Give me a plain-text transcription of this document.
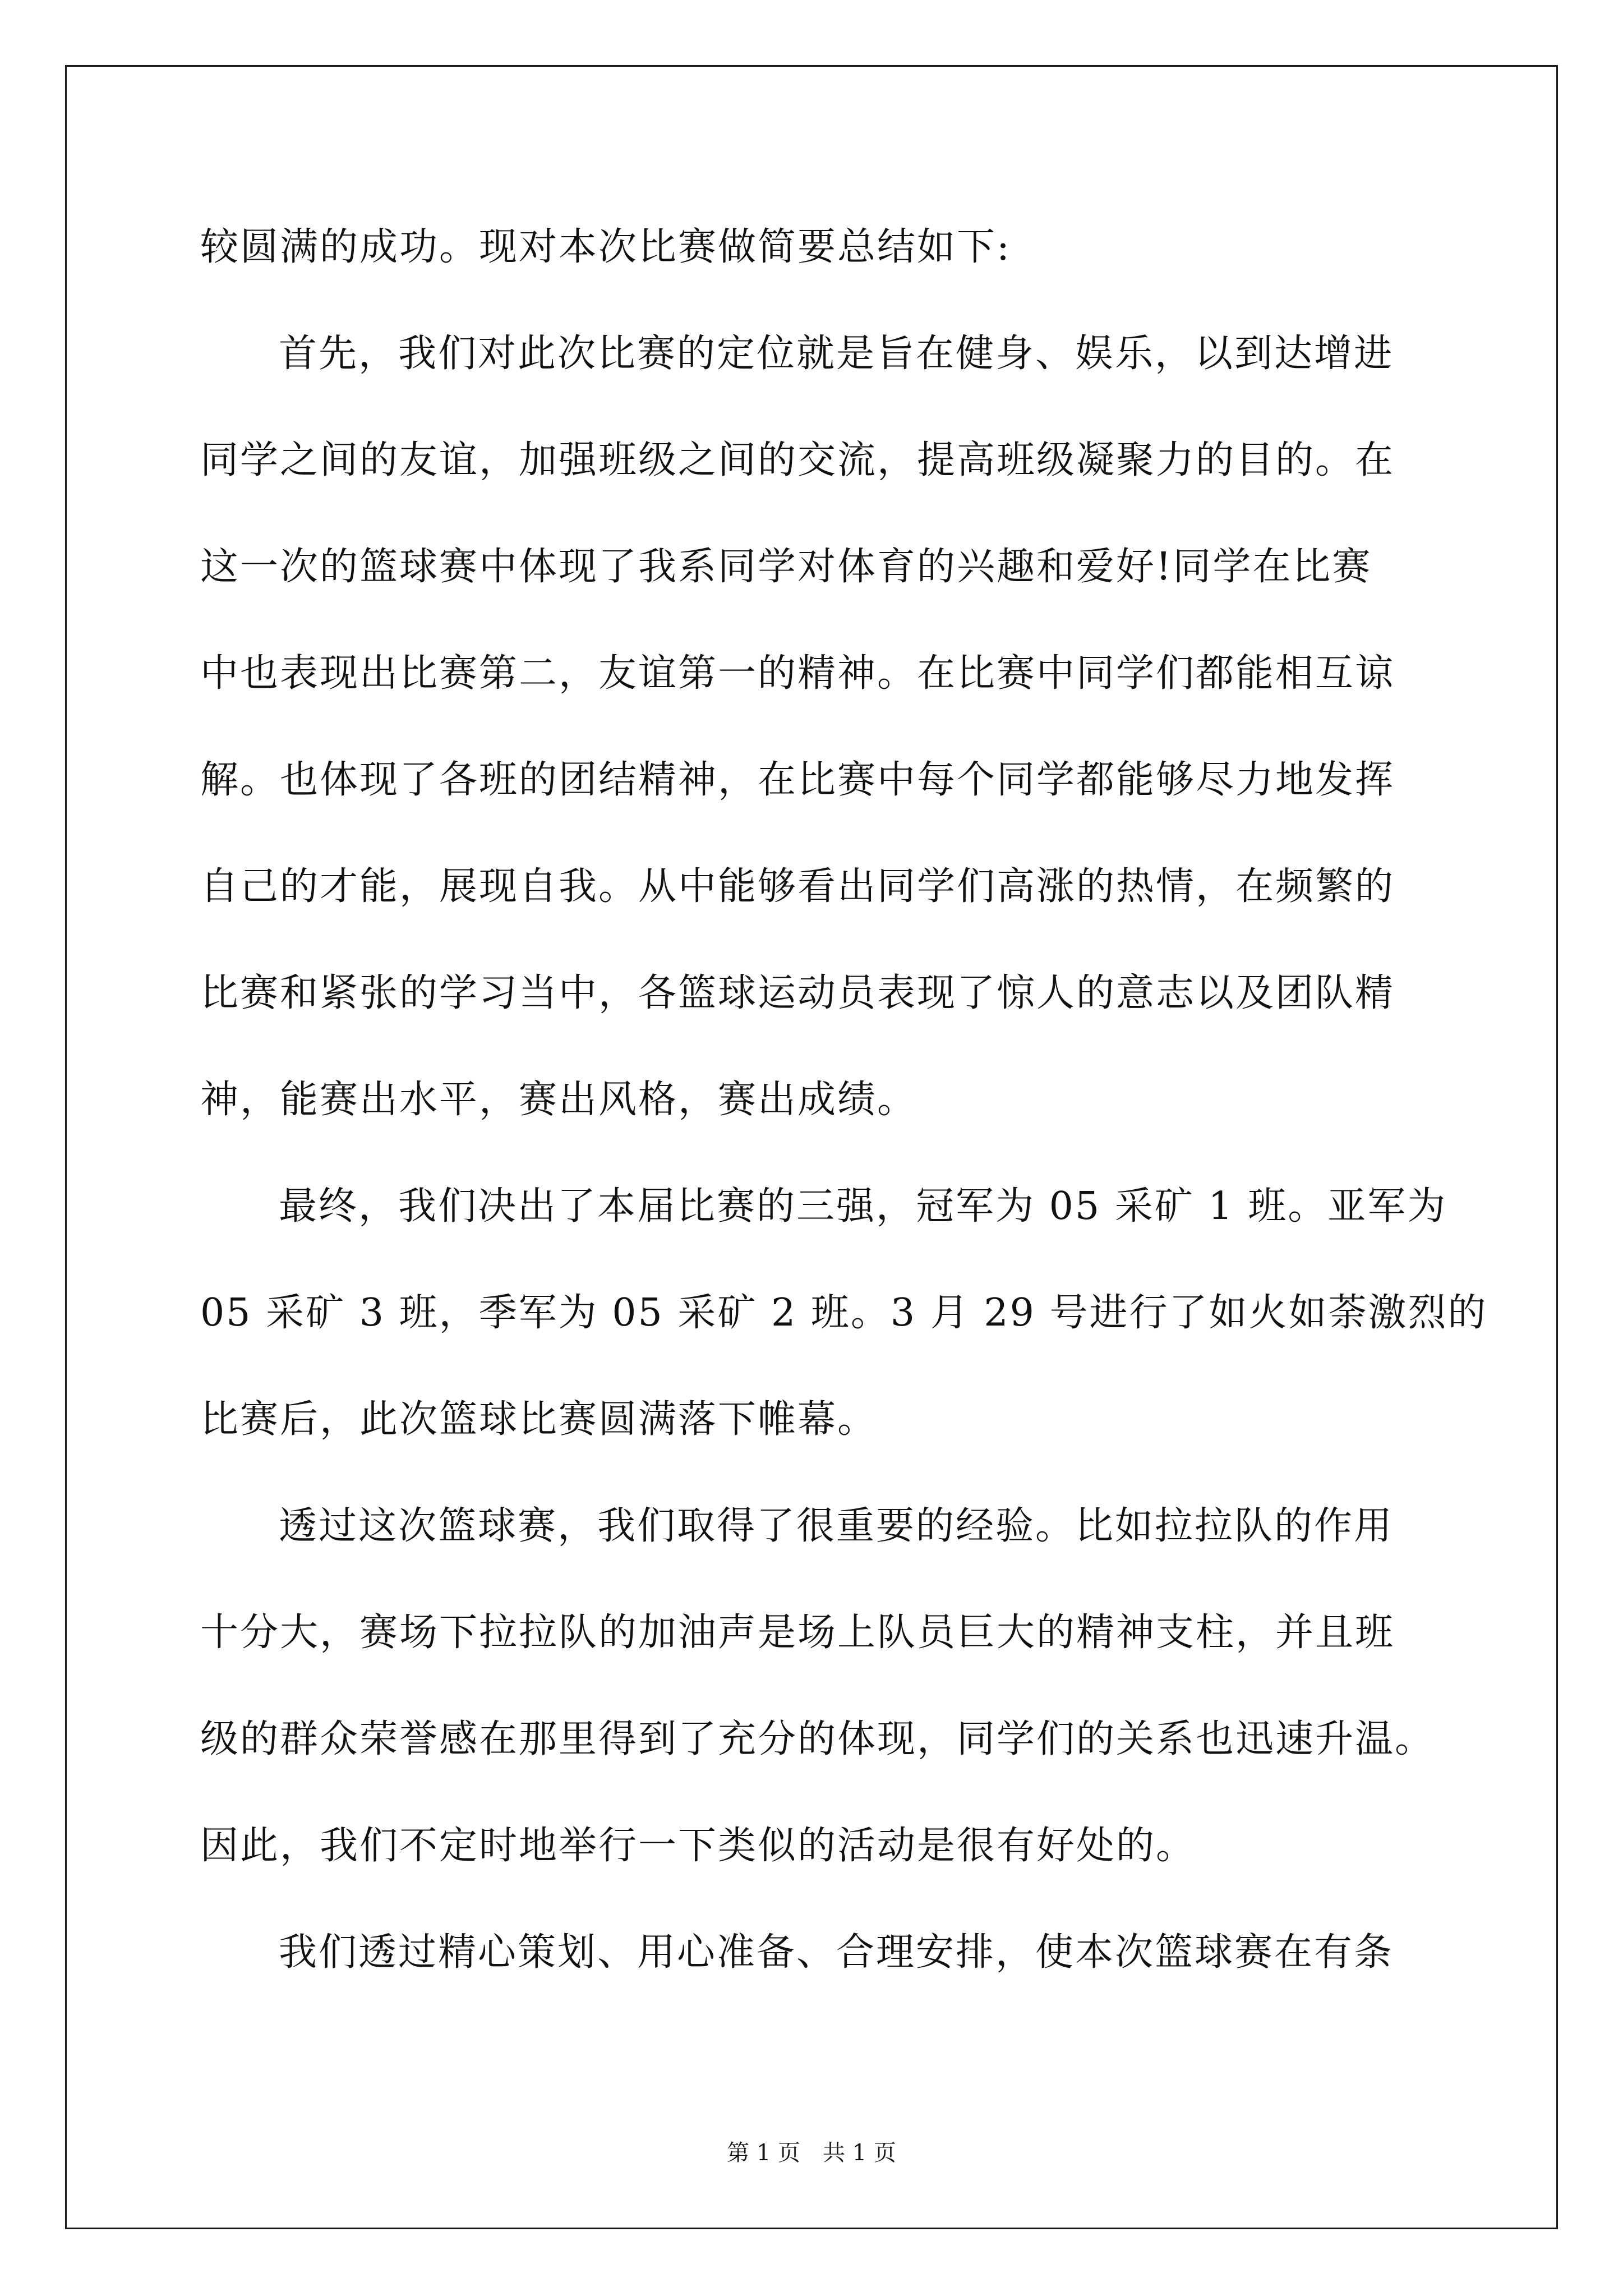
较圆满的成功。现对本次比赛做简要总结如下:
首先，我们对此次比赛的定位就是旨在健身、娱乐，以到达增进
同学之间的友谊，加强班级之间的交流，提高班级凝聚力的目的。在
这一次的篮球赛中体现了我系同学对体育的兴趣和爱好!同学在比赛
中也表现出比赛第二，友谊第一的精神。在比赛中同学们都能相互谅
解。也体现了各班的团结精神，在比赛中每个同学都能够尽力地发挥
自己的才能，展现自我。从中能够看出同学们高涨的热情，在频繁的
比赛和紧张的学习当中，各篮球运动员表现了惊人的意志以及团队精
神，能赛出水平，赛出风格，赛出成绩。
最终，我们决出了本届比赛的三强，冠军为 05 采矿 1 班。亚军为
05 采矿 3 班，季军为 05 采矿 2 班。3 月 29 号进行了如火如荼激烈的
比赛后，此次篮球比赛圆满落下帷幕。
透过这次篮球赛，我们取得了很重要的经验。比如拉拉队的作用
十分大，赛场下拉拉队的加油声是场上队员巨大的精神支柱，并且班
级的群众荣誉感在那里得到了充分的体现，同学们的关系也迅速升温。
因此，我们不定时地举行一下类似的活动是很有好处的。
我们透过精心策划、用心准备、合理安排，使本次篮球赛在有条
第 1 页 共 1 页
